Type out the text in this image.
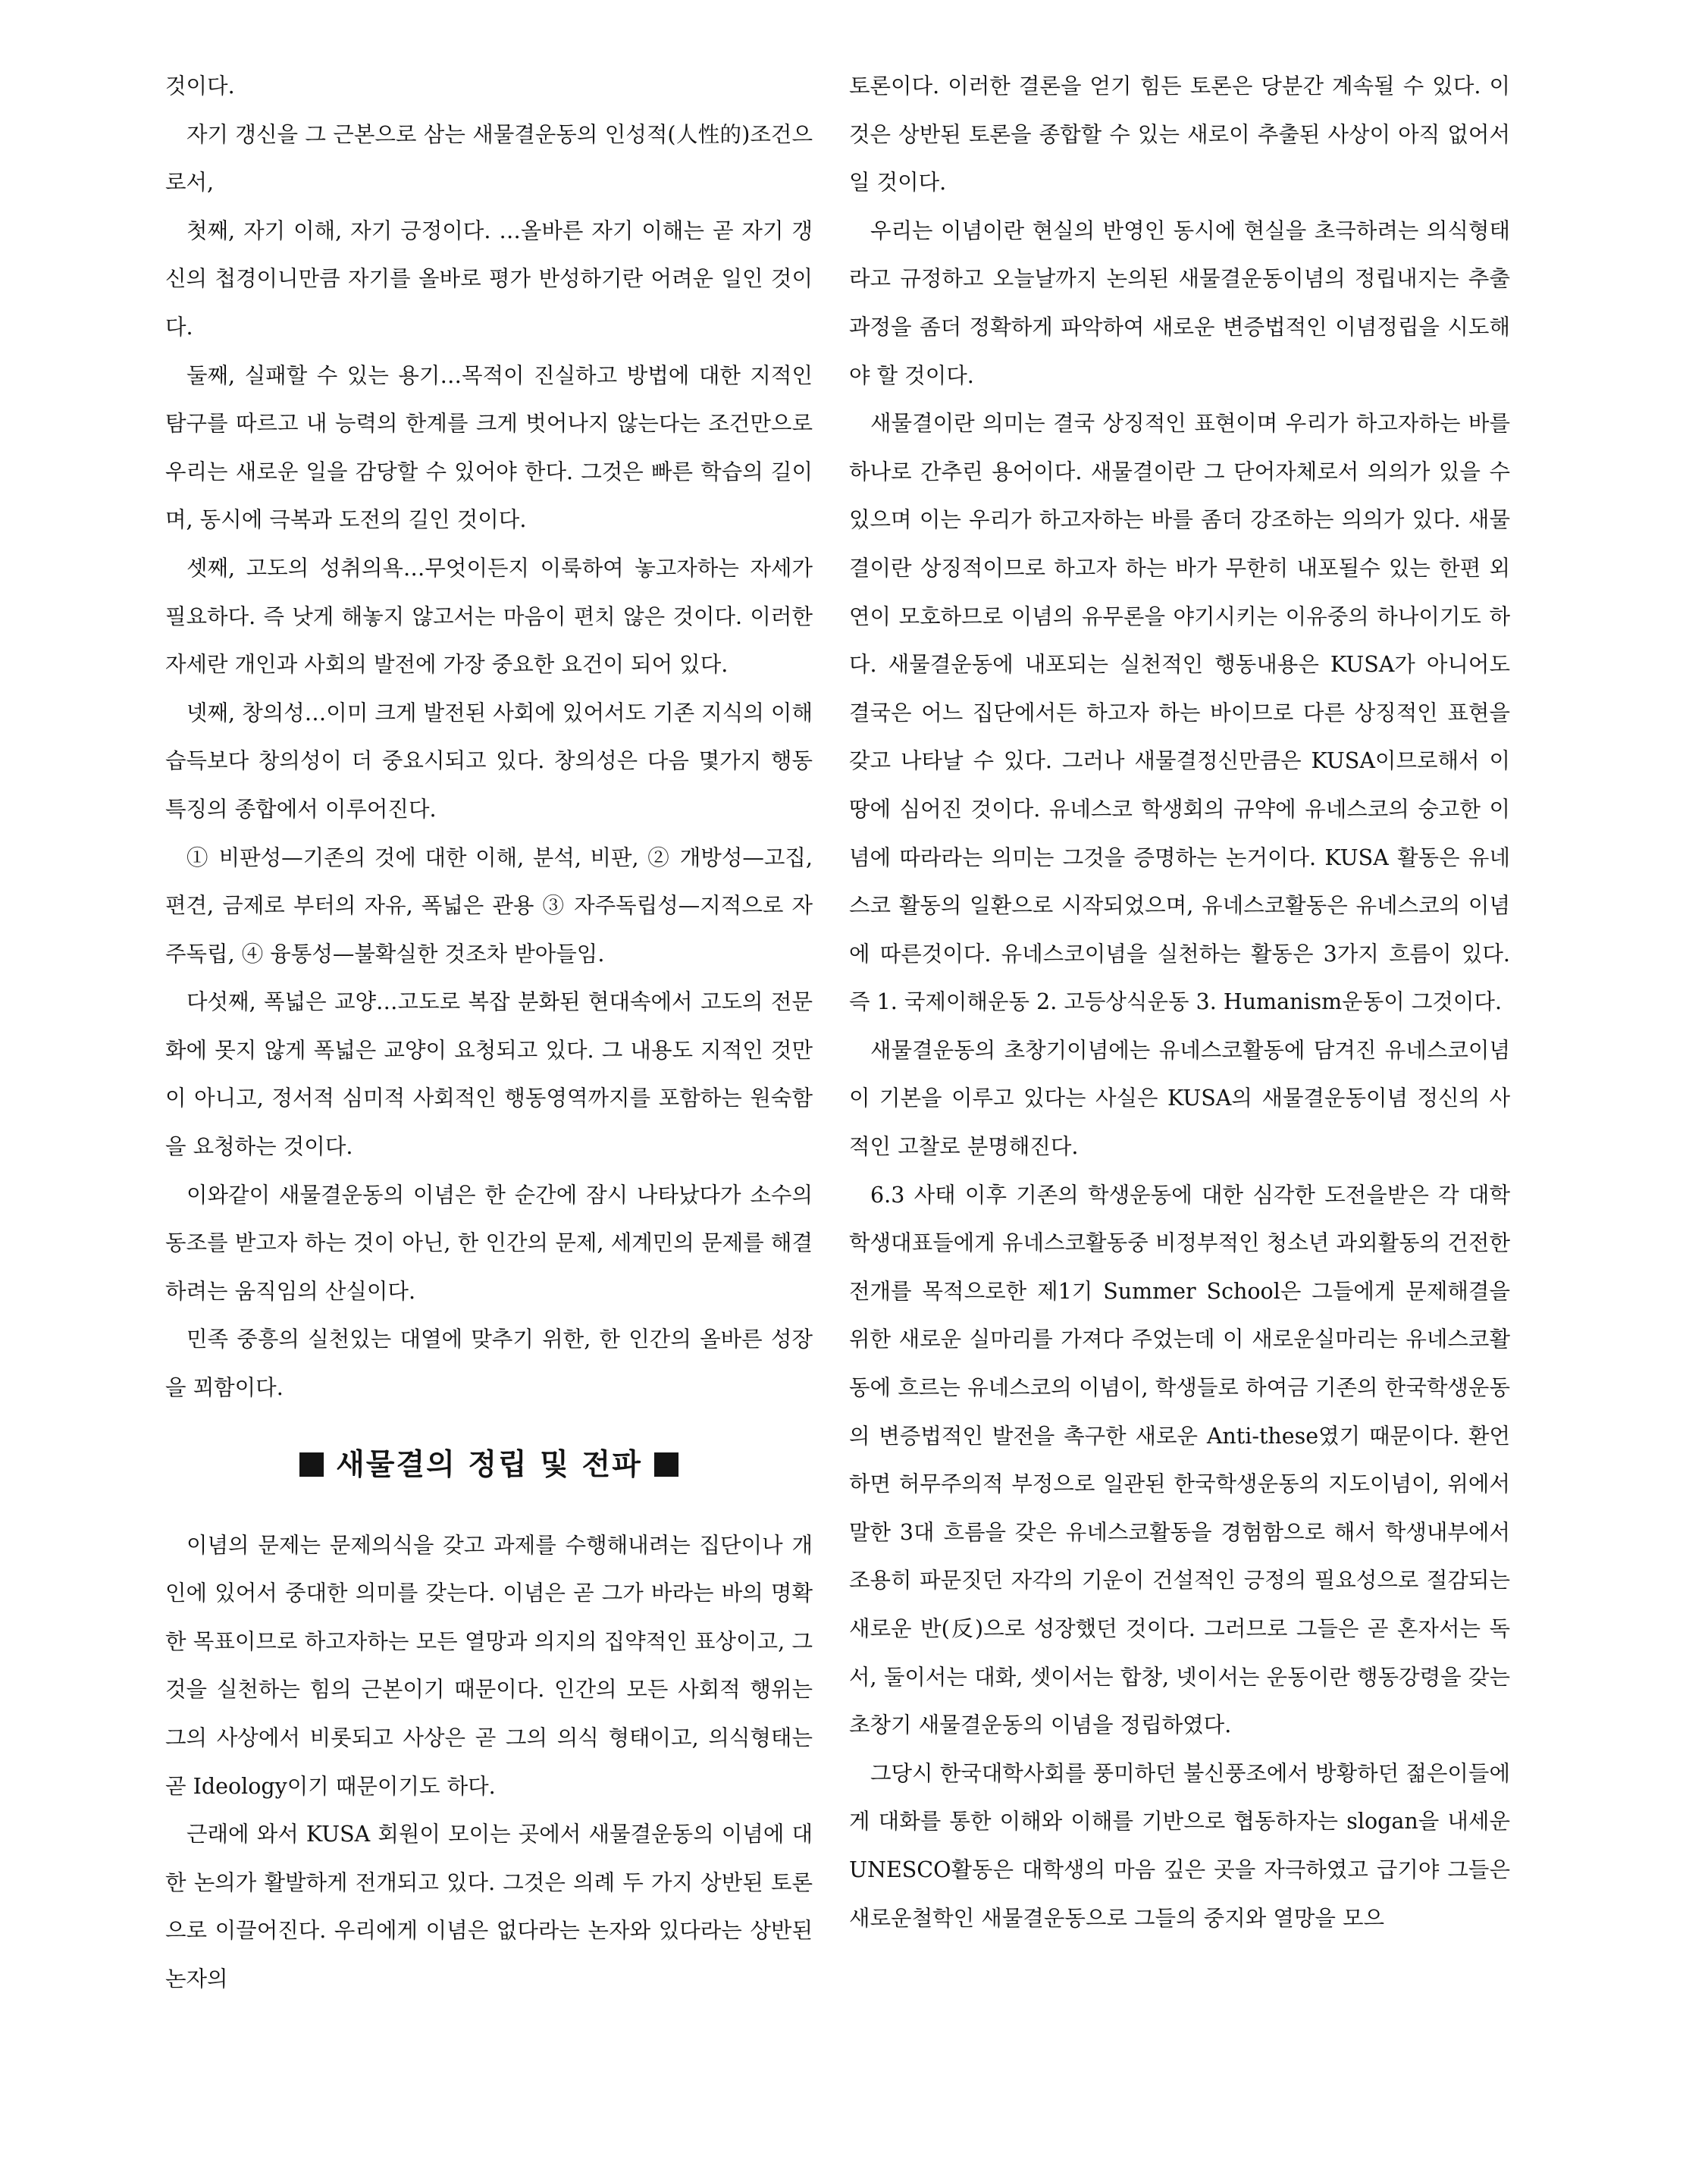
것이다.

자기 갱신을 그 근본으로 삼는 새물결운동의 인성적(人性的)조건으로서,

첫째, 자기 이해, 자기 긍정이다. …올바른 자기 이해는 곧 자기 갱신의 첩경이니만큼 자기를 올바로 평가 반성하기란 어려운 일인 것이다.

둘째, 실패할 수 있는 용기…목적이 진실하고 방법에 대한 지적인 탐구를 따르고 내 능력의 한계를 크게 벗어나지 않는다는 조건만으로 우리는 새로운 일을 감당할 수 있어야 한다. 그것은 빠른 학습의 길이며, 동시에 극복과 도전의 길인 것이다.

셋째, 고도의 성취의욕…무엇이든지 이룩하여 놓고자하는 자세가 필요하다. 즉 낫게 해놓지 않고서는 마음이 편치 않은 것이다. 이러한 자세란 개인과 사회의 발전에 가장 중요한 요건이 되어 있다.

넷째, 창의성…이미 크게 발전된 사회에 있어서도 기존 지식의 이해 습득보다 창의성이 더 중요시되고 있다. 창의성은 다음 몇가지 행동 특징의 종합에서 이루어진다.

① 비판성—기존의 것에 대한 이해, 분석, 비판, ② 개방성—고집, 편견, 금제로 부터의 자유, 폭넓은 관용 ③ 자주독립성—지적으로 자주독립, ④ 융통성—불확실한 것조차 받아들임.

다섯째, 폭넓은 교양…고도로 복잡 분화된 현대속에서 고도의 전문화에 못지 않게 폭넓은 교양이 요청되고 있다. 그 내용도 지적인 것만이 아니고, 정서적 심미적 사회적인 행동영역까지를 포함하는 원숙함을 요청하는 것이다.

이와같이 새물결운동의 이념은 한 순간에 잠시 나타났다가 소수의 동조를 받고자 하는 것이 아닌, 한 인간의 문제, 세계민의 문제를 해결하려는 움직임의 산실이다.

민족 중흥의 실천있는 대열에 맞추기 위한, 한 인간의 올바른 성장을 꾀함이다.

새물결의 정립 및 전파

이념의 문제는 문제의식을 갖고 과제를 수행해내려는 집단이나 개인에 있어서 중대한 의미를 갖는다. 이념은 곧 그가 바라는 바의 명확한 목표이므로 하고자하는 모든 열망과 의지의 집약적인 표상이고, 그것을 실천하는 힘의 근본이기 때문이다. 인간의 모든 사회적 행위는 그의 사상에서 비롯되고 사상은 곧 그의 의식 형태이고, 의식형태는 곧 Ideology이기 때문이기도 하다.

근래에 와서 KUSA 회원이 모이는 곳에서 새물결운동의 이념에 대한 논의가 활발하게 전개되고 있다. 그것은 의례 두 가지 상반된 토론으로 이끌어진다. 우리에게 이념은 없다라는 논자와 있다라는 상반된 논자의

토론이다. 이러한 결론을 얻기 힘든 토론은 당분간 계속될 수 있다. 이것은 상반된 토론을 종합할 수 있는 새로이 추출된 사상이 아직 없어서 일 것이다.

우리는 이념이란 현실의 반영인 동시에 현실을 초극하려는 의식형태라고 규정하고 오늘날까지 논의된 새물결운동이념의 정립내지는 추출과정을 좀더 정확하게 파악하여 새로운 변증법적인 이념정립을 시도해야 할 것이다.

새물결이란 의미는 결국 상징적인 표현이며 우리가 하고자하는 바를 하나로 간추린 용어이다. 새물결이란 그 단어자체로서 의의가 있을 수 있으며 이는 우리가 하고자하는 바를 좀더 강조하는 의의가 있다. 새물결이란 상징적이므로 하고자 하는 바가 무한히 내포될수 있는 한편 외연이 모호하므로 이념의 유무론을 야기시키는 이유중의 하나이기도 하다. 새물결운동에 내포되는 실천적인 행동내용은 KUSA가 아니어도 결국은 어느 집단에서든 하고자 하는 바이므로 다른 상징적인 표현을 갖고 나타날 수 있다. 그러나 새물결정신만큼은 KUSA이므로해서 이 땅에 심어진 것이다. 유네스코 학생회의 규약에 유네스코의 숭고한 이념에 따라라는 의미는 그것을 증명하는 논거이다. KUSA 활동은 유네스코 활동의 일환으로 시작되었으며, 유네스코활동은 유네스코의 이념에 따른것이다. 유네스코이념을 실천하는 활동은 3가지 흐름이 있다. 즉 1. 국제이해운동 2. 고등상식운동 3. Humanism운동이 그것이다.

새물결운동의 초창기이념에는 유네스코활동에 담겨진 유네스코이념이 기본을 이루고 있다는 사실은 KUSA의 새물결운동이념 정신의 사적인 고찰로 분명해진다.

6.3 사태 이후 기존의 학생운동에 대한 심각한 도전을받은 각 대학 학생대표들에게 유네스코활동중 비정부적인 청소년 과외활동의 건전한 전개를 목적으로한 제1기 Summer School은 그들에게 문제해결을 위한 새로운 실마리를 가져다 주었는데 이 새로운실마리는 유네스코활동에 흐르는 유네스코의 이념이, 학생들로 하여금 기존의 한국학생운동의 변증법적인 발전을 촉구한 새로운 Anti-these였기 때문이다. 환언하면 허무주의적 부정으로 일관된 한국학생운동의 지도이념이, 위에서 말한 3대 흐름을 갖은 유네스코활동을 경험함으로 해서 학생내부에서 조용히 파문짓던 자각의 기운이 건설적인 긍정의 필요성으로 절감되는 새로운 반(反)으로 성장했던 것이다. 그러므로 그들은 곧 혼자서는 독서, 둘이서는 대화, 셋이서는 합창, 넷이서는 운동이란 행동강령을 갖는 초창기 새물결운동의 이념을 정립하였다.

그당시 한국대학사회를 풍미하던 불신풍조에서 방황하던 젊은이들에게 대화를 통한 이해와 이해를 기반으로 협동하자는 slogan을 내세운 UNESCO활동은 대학생의 마음 깊은 곳을 자극하였고 급기야 그들은 새로운철학인 새물결운동으로 그들의 중지와 열망을 모으
